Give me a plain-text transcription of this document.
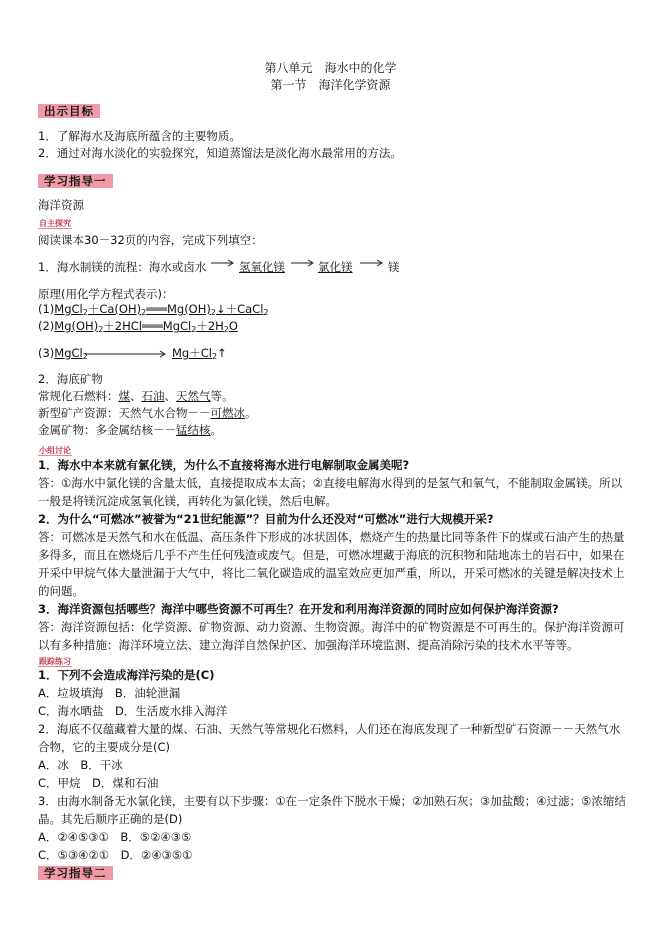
第八单元　海水中的化学
第一节　海洋化学资源
出示目标
1．了解海水及海底所蕴含的主要物质。
2．通过对海水淡化的实验探究，知道蒸馏法是淡化海水最常用的方法。
学习指导一
海洋资源
自主探究
阅读课本30－32页的内容，完成下列填空：
1．海水制镁的流程：海水或卤水	氢氧化镁	氯化镁	镁
原理(用化学方程式表示)：
$(1)MgCl_2+Ca(OH)_2═══Mg(OH)_2↓+CaCl_2$
$(2)Mg(OH)_2+2HCl═══MgCl_2+2H_2O$
(3)MgCl$_2$	$Mg+Cl_2↑$
2．海底矿物
常规化石燃料：煤、石油、天然气等。
新型矿产资源：天然气水合物－－可燃冰。
金属矿物：多金属结核－－锰结核。
小组讨论
1．海水中本来就有氯化镁，为什么不直接将海水进行电解制取金属美呢?
答：①海水中氯化镁的含量太低，直接提取成本太高；②直接电解海水得到的是氢气和氧气，不能制取金属镁。所以一般是将镁沉淀成氢氧化镁，再转化为氯化镁，然后电解。
2．为什么“可燃冰”被誉为“21世纪能源”？目前为什么还没对“可燃冰”进行大规模开采?
答：可燃冰是天然气和水在低温、高压条件下形成的冰状固体，燃烧产生的热量比同等条件下的煤或石油产生的热量多得多，而且在燃烧后几乎不产生任何残渣或废气。但是，可燃冰埋藏于海底的沉积物和陆地冻土的岩石中，如果在开采中甲烷气体大量泄漏于大气中，将比二氧化碳造成的温室效应更加严重，所以，开采可燃冰的关键是解决技术上的问题。
3．海洋资源包括哪些？海洋中哪些资源不可再生？在开发和利用海洋资源的同时应如何保护海洋资源?
答：海洋资源包括：化学资源、矿物资源、动力资源、生物资源。海洋中的矿物资源是不可再生的。保护海洋资源可以有多种措施：海洋环境立法、建立海洋自然保护区、加强海洋环境监测、提高消除污染的技术水平等等。
跟踪练习
1．下列不会造成海洋污染的是(C)
A．垃圾填海　B．油轮泄漏
C．海水晒盐　D．生活废水排入海洋
2．海底不仅蕴藏着大量的煤、石油、天然气等常规化石燃料，人们还在海底发现了一种新型矿石资源－－天然气水合物，它的主要成分是(C)
A．冰　B．干冰
C．甲烷　D．煤和石油
3．由海水制备无水氯化镁，主要有以下步骤：①在一定条件下脱水干燥；②加熟石灰；③加盐酸；④过滤；⑤浓缩结晶。其先后顺序正确的是(D)
A．②④⑤③①　B．⑤②④③⑤
C．⑤③④②①　D．②④③⑤①
学习指导二
